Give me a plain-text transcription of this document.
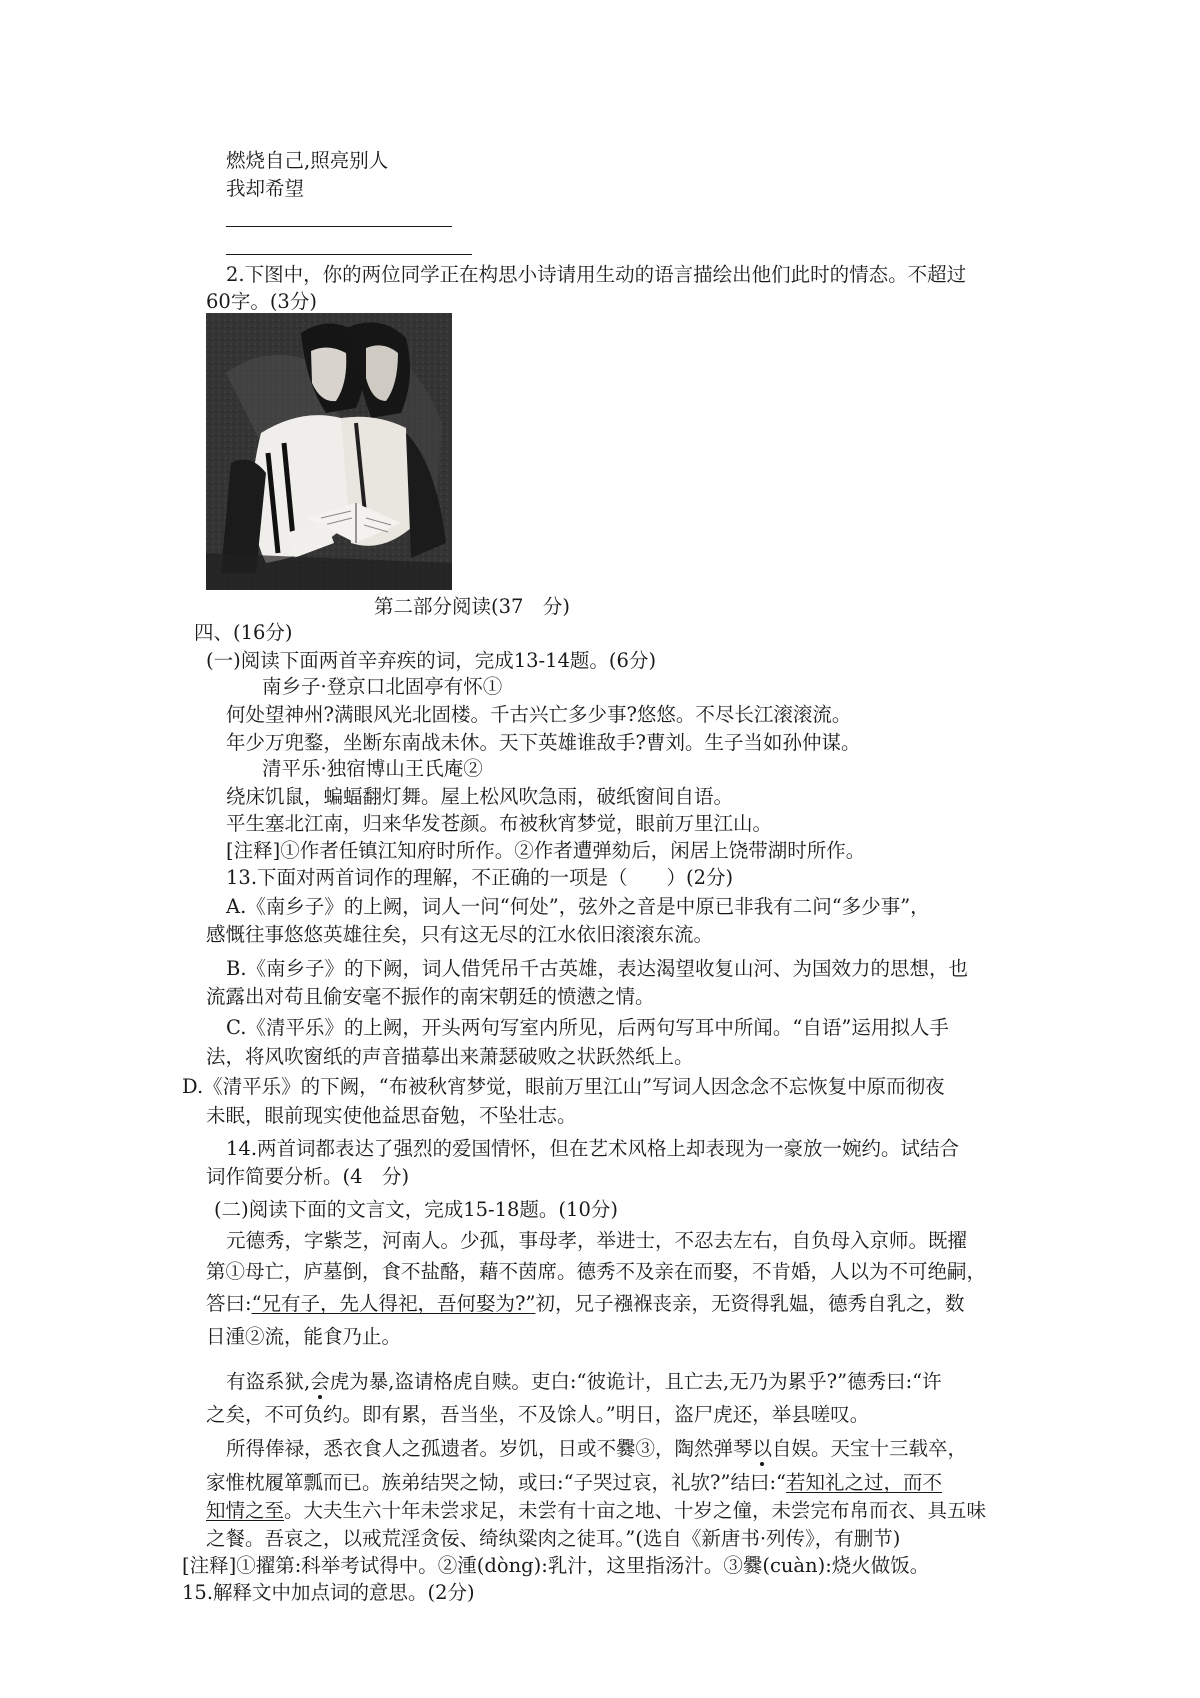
燃烧自己,照亮别人
我却希望
2.下图中，你的两位同学正在构思小诗请用生动的语言描绘出他们此时的情态。不超过
60字。(3分)
第二部分阅读(37　分)
四、(16分)
(一)阅读下面两首辛弃疾的词，完成13-14题。(6分)
南乡子·登京口北固亭有怀①
何处望神州?满眼风光北固楼。千古兴亡多少事?悠悠。不尽长江滚滚流。
年少万兜鍪，坐断东南战未休。天下英雄谁敌手?曹刘。生子当如孙仲谋。
清平乐·独宿博山王氏庵②
绕床饥鼠，蝙蝠翻灯舞。屋上松风吹急雨，破纸窗间自语。
平生塞北江南，归来华发苍颜。布被秋宵梦觉，眼前万里江山。
[注释]①作者任镇江知府时所作。②作者遭弹劾后，闲居上饶带湖时所作。
13.下面对两首词作的理解，不正确的一项是（　　）(2分)
A.《南乡子》的上阙，词人一问“何处”，弦外之音是中原已非我有二问“多少事”，
感慨往事悠悠英雄往矣，只有这无尽的江水依旧滚滚东流。
B.《南乡子》的下阙，词人借凭吊千古英雄，表达渴望收复山河、为国效力的思想，也
流露出对苟且偷安毫不振作的南宋朝廷的愤懑之情。
C.《清平乐》的上阙，开头两句写室内所见，后两句写耳中所闻。“自语”运用拟人手
法，将风吹窗纸的声音描摹出来萧瑟破败之状跃然纸上。
D.《清平乐》的下阙，“布被秋宵梦觉，眼前万里江山”写词人因念念不忘恢复中原而彻夜
未眠，眼前现实使他益思奋勉，不坠壮志。
14.两首词都表达了强烈的爱国情怀，但在艺术风格上却表现为一豪放一婉约。试结合
词作简要分析。(4　分)
(二)阅读下面的文言文，完成15-18题。(10分)
元德秀，字紫芝，河南人。少孤，事母孝，举进士，不忍去左右，自负母入京师。既擢
第①母亡，庐墓倒，食不盐酪，藉不茵席。德秀不及亲在而娶，不肯婚，人以为不可绝嗣，
答曰:“兄有子，先人得祀，吾何娶为?”初，兄子襁褓丧亲，无资得乳媪，德秀自乳之，数
日湩②流，能食乃止。
有盗系狱,会虎为暴,盗请格虎自赎。吏白:“彼诡计，且亡去,无乃为累乎?”德秀曰:“许
之矣，不可负约。即有累，吾当坐，不及馀人。”明日，盗尸虎还，举县嗟叹。
所得俸禄，悉衣食人之孤遗者。岁饥，日或不爨③，陶然弹琴以自娱。天宝十三载卒，
家惟枕履箪瓢而已。族弟结哭之恸，或曰:“子哭过哀，礼欤?”结曰:“若知礼之过，而不
知情之至。大夫生六十年未尝求足，未尝有十亩之地、十岁之僮，未尝完布帛而衣、具五味
之餐。吾哀之，以戒荒淫贪佞、绮纨粱肉之徒耳。”(选自《新唐书·列传》，有删节)
[注释]①擢第:科举考试得中。②湩(dòng):乳汁，这里指汤汁。③爨(cuàn):烧火做饭。
15.解释文中加点词的意思。(2分)
